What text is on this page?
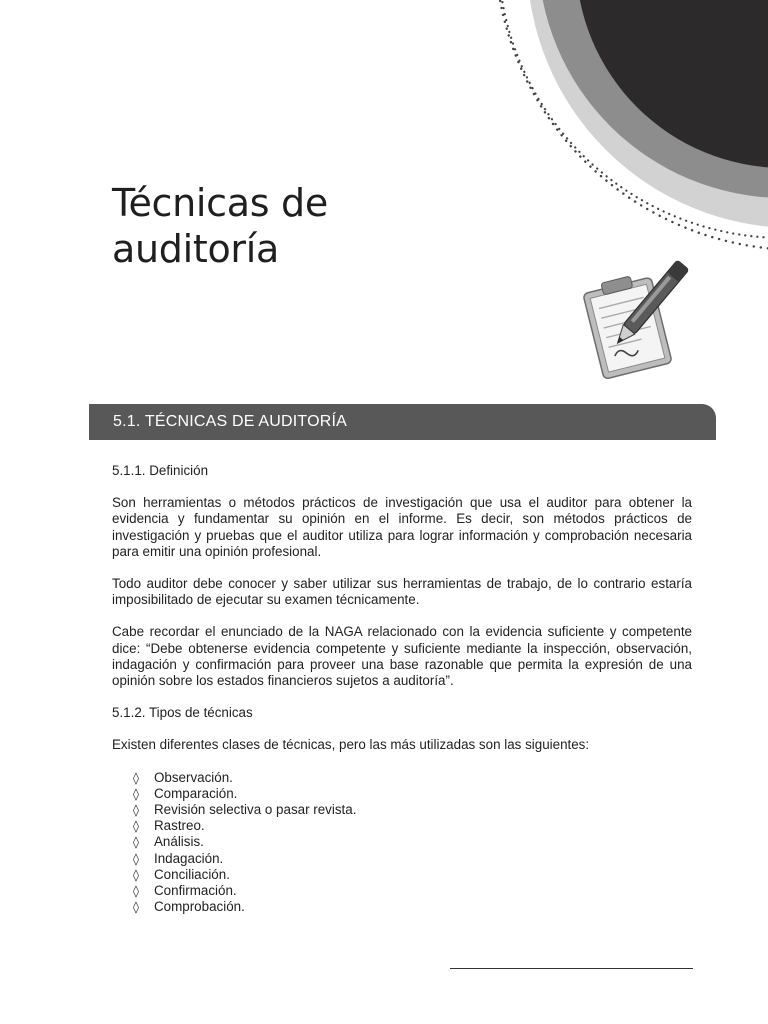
Técnicas de
auditoría
5.1. TÉCNICAS DE AUDITORÍA
5.1.1. Definición

Son herramientas o métodos prácticos de investigación que usa el auditor para obtener la evidencia y fundamentar su opinión en el informe. Es decir, son métodos prácticos de investigación y pruebas que el auditor utiliza para lograr información y comprobación necesaria para emitir una opinión profesional.

Todo auditor debe conocer y saber utilizar sus herramientas de trabajo, de lo contrario estaría imposibilitado de ejecutar su examen técnicamente.

Cabe recordar el enunciado de la NAGA relacionado con la evidencia suficiente y competente dice: “Debe obtenerse evidencia competente y suficiente mediante la inspección, observación, indagación y confirmación para proveer una base razonable que permita la expresión de una opinión sobre los estados financieros sujetos a auditoría”.

5.1.2. Tipos de técnicas

Existen diferentes clases de técnicas, pero las más utilizadas son las siguientes:

◊	Observación.
◊	Comparación.
◊	Revisión selectiva o pasar revista.
◊	Rastreo.
◊	Análisis.
◊	Indagación.
◊	Conciliación.
◊	Confirmación.
◊	Comprobación.
